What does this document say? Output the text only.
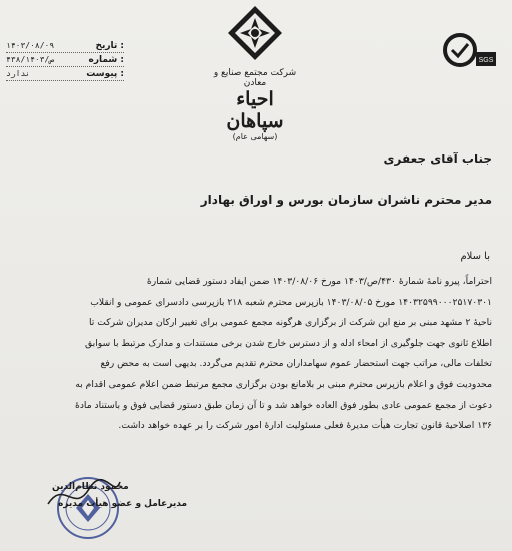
۱۴۰۳/۰۸/۰۹	تاریخ :
۴۳۸/ص/۱۴۰۳	شماره :
ندارد	پیوست :	شرکت مجتمع صنایع و معادن
احیاء سپاهان
(سهامی عام)
SGS
جناب آقای جعفری
مدیر محترم ناشران سازمان بورس و اوراق بهادار
با سلام

احتراماً، پیرو نامهٔ شمارهٔ ۴۳۰/ص/۱۴۰۳ مورخ ۱۴۰۳/۰۸/۰۶ ضمن ایفاد دستور قضایی شمارهٔ

۱۴۰۳۲۵۹۹۰۰۰۲۵۱۷۰۳۰۱ مورخ ۱۴۰۳/۰۸/۰۵ بازپرس محترم شعبه ۲۱۸ بازپرسی دادسرای عمومی و انقلاب

ناحیهٔ ۲ مشهد مبنی بر منع این شرکت از برگزاری هرگونه مجمع عمومی برای تغییر ارکان مدیران شرکت تا

اطلاع ثانوی جهت جلوگیری از امحاء ادله و از دسترس خارج شدن برخی مستندات و مدارک مرتبط با سوابق

تخلفات مالی، مراتب جهت استحضار عموم سهامداران محترم تقدیم می‌گردد. بدیهی است به محض رفع

محدودیت فوق و اعلام بازپرس محترم مبنی بر بلامانع بودن برگزاری مجمع مرتبط ضمن اعلام عمومی اقدام به

دعوت از مجمع عمومی عادی بطور فوق العاده خواهد شد و تا آن زمان طبق دستور قضایی فوق و باستناد مادهٔ

۱۳۶ اصلاحیهٔ قانون تجارت هیأت مدیرهٔ فعلی مسئولیت ادارهٔ امور شرکت را بر عهده خواهد داشت.

محمود نظام‌الدین
مدیرعامل و عضو هیأت مدیره
